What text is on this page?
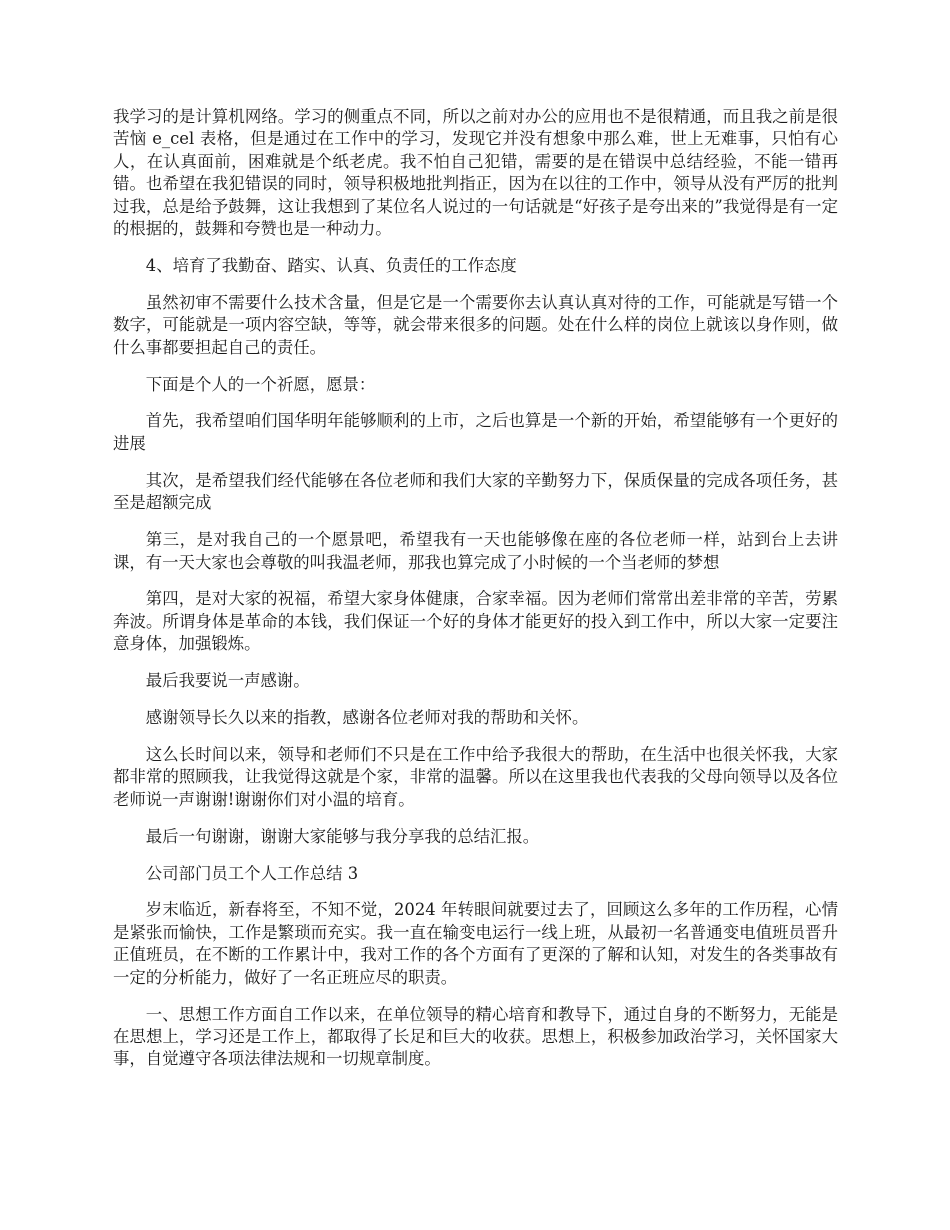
我学习的是计算机网络。学习的侧重点不同，所以之前对办公的应用也不是很精通，而且我之前是很苦恼 e_cel 表格，但是通过在工作中的学习，发现它并没有想象中那么难，世上无难事，只怕有心人，在认真面前，困难就是个纸老虎。我不怕自己犯错，需要的是在错误中总结经验，不能一错再错。也希望在我犯错误的同时，领导积极地批判指正，因为在以往的工作中，领导从没有严厉的批判过我，总是给予鼓舞，这让我想到了某位名人说过的一句话就是“好孩子是夸出来的”我觉得是有一定的根据的，鼓舞和夸赞也是一种动力。

4、培育了我勤奋、踏实、认真、负责任的工作态度

虽然初审不需要什么技术含量，但是它是一个需要你去认真认真对待的工作，可能就是写错一个数字，可能就是一项内容空缺，等等，就会带来很多的问题。处在什么样的岗位上就该以身作则，做什么事都要担起自己的责任。

下面是个人的一个祈愿，愿景：

首先，我希望咱们国华明年能够顺利的上市，之后也算是一个新的开始，希望能够有一个更好的进展

其次，是希望我们经代能够在各位老师和我们大家的辛勤努力下，保质保量的完成各项任务，甚至是超额完成

第三，是对我自己的一个愿景吧，希望我有一天也能够像在座的各位老师一样，站到台上去讲课，有一天大家也会尊敬的叫我温老师，那我也算完成了小时候的一个当老师的梦想

第四，是对大家的祝福，希望大家身体健康，合家幸福。因为老师们常常出差非常的辛苦，劳累奔波。所谓身体是革命的本钱，我们保证一个好的身体才能更好的投入到工作中，所以大家一定要注意身体，加强锻炼。

最后我要说一声感谢。

感谢领导长久以来的指教，感谢各位老师对我的帮助和关怀。

这么长时间以来，领导和老师们不只是在工作中给予我很大的帮助，在生活中也很关怀我，大家都非常的照顾我，让我觉得这就是个家，非常的温馨。所以在这里我也代表我的父母向领导以及各位老师说一声谢谢!谢谢你们对小温的培育。

最后一句谢谢，谢谢大家能够与我分享我的总结汇报。

公司部门员工个人工作总结 3

岁末临近，新春将至，不知不觉，2024 年转眼间就要过去了，回顾这么多年的工作历程，心情是紧张而愉快，工作是繁琐而充实。我一直在输变电运行一线上班，从最初一名普通变电值班员晋升正值班员，在不断的工作累计中，我对工作的各个方面有了更深的了解和认知，对发生的各类事故有一定的分析能力，做好了一名正班应尽的职责。

一、思想工作方面自工作以来，在单位领导的精心培育和教导下，通过自身的不断努力，无能是在思想上，学习还是工作上，都取得了长足和巨大的收获。思想上，积极参加政治学习，关怀国家大事，自觉遵守各项法律法规和一切规章制度。
